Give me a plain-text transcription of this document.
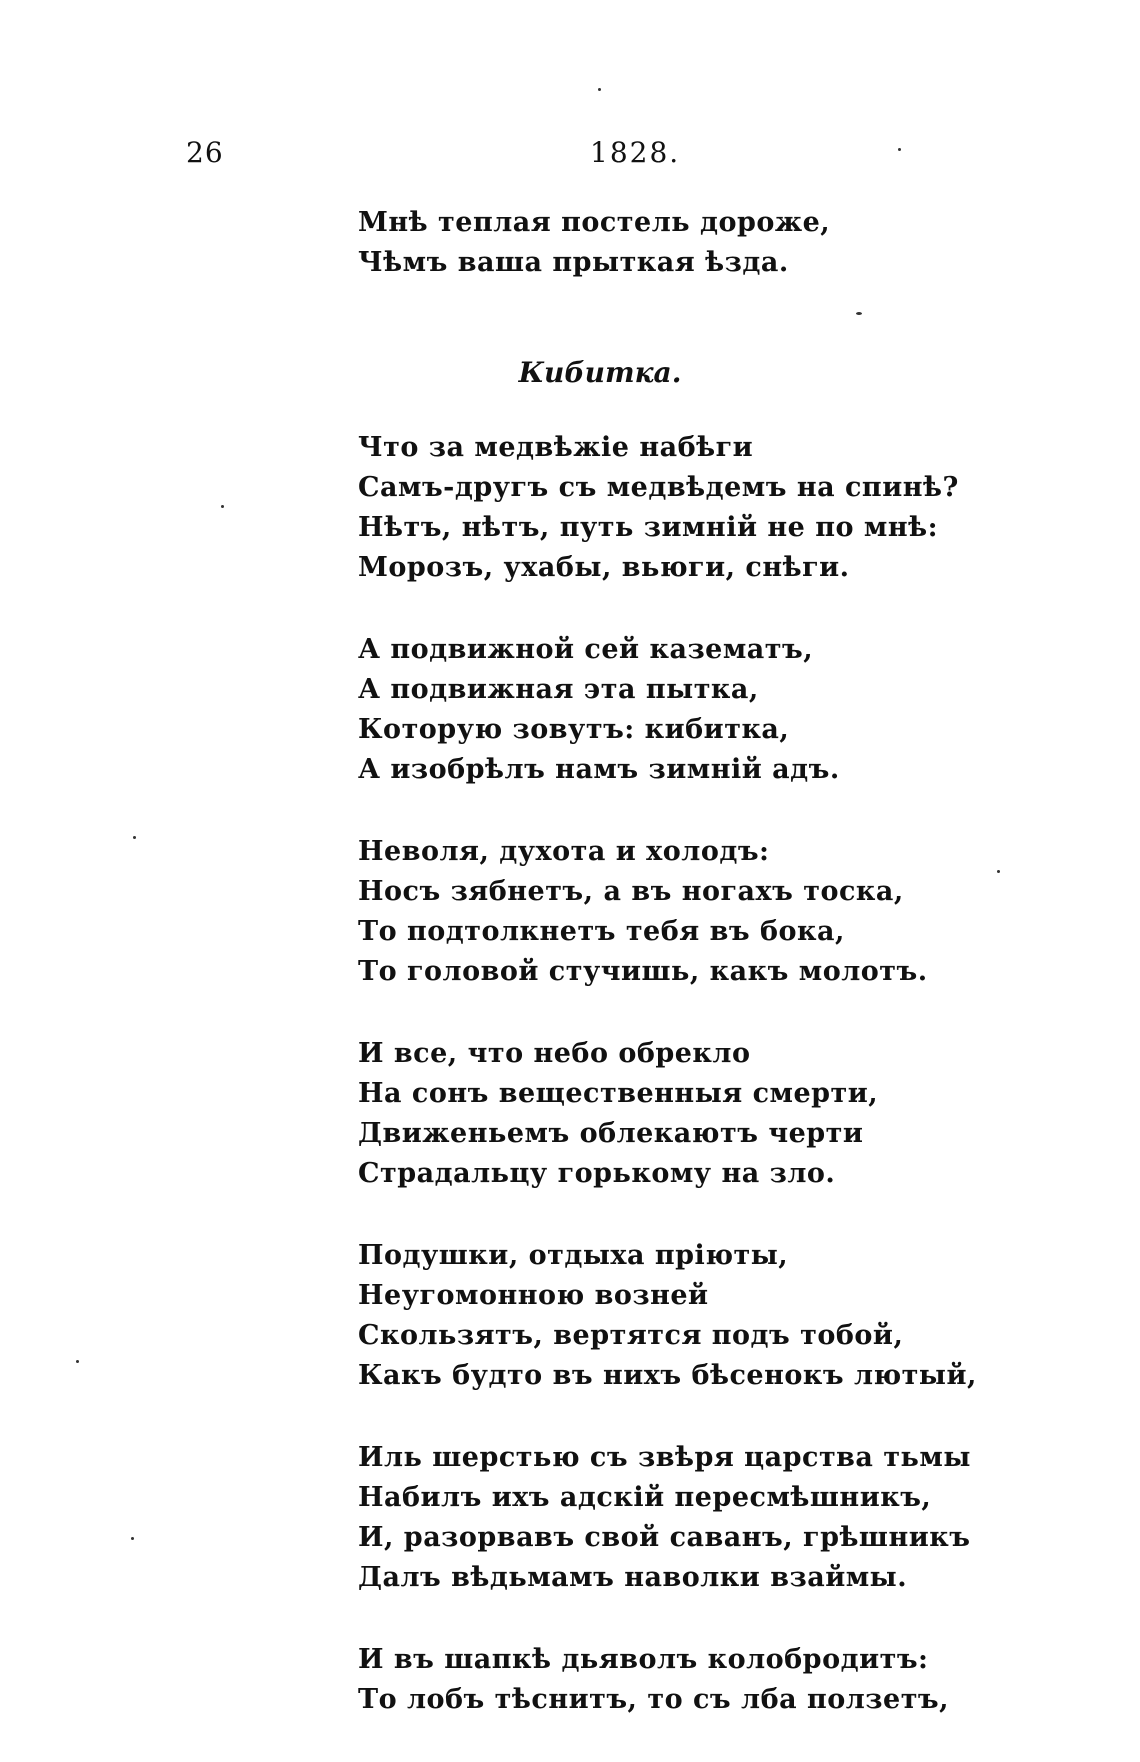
26	1828.
Мнѣ теплая постель дороже,
Чѣмъ ваша прыткая ѣзда.
Кибитка.
Что за медвѣжіе набѣги
Самъ-другъ съ медвѣдемъ на спинѣ?
Нѣтъ, нѣтъ, путь зимній не по мнѣ:
Морозъ, ухабы, вьюги, снѣги.
А подвижной сей казематъ,
А подвижная эта пытка,
Которую зовутъ: кибитка,
А изобрѣлъ намъ зимній адъ.
Неволя, духота и холодъ:
Носъ зябнетъ, а въ ногахъ тоска,
То подтолкнетъ тебя въ бока,
То головой стучишь, какъ молотъ.
И все, что небо обрекло
На сонъ вещественныя смерти,
Движеньемъ облекаютъ черти
Страдальцу горькому на зло.
Подушки, отдыха пріюты,
Неугомонною возней
Скользятъ, вертятся подъ тобой,
Какъ будто въ нихъ бѣсенокъ лютый,
Иль шерстью съ звѣря царства тьмы
Набилъ ихъ адскій пересмѣшникъ,
И, разорвавъ свой саванъ, грѣшникъ
Далъ вѣдьмамъ наволки взаймы.
И въ шапкѣ дьяволъ колобродитъ:
То лобъ тѣснитъ, то съ лба ползетъ,
